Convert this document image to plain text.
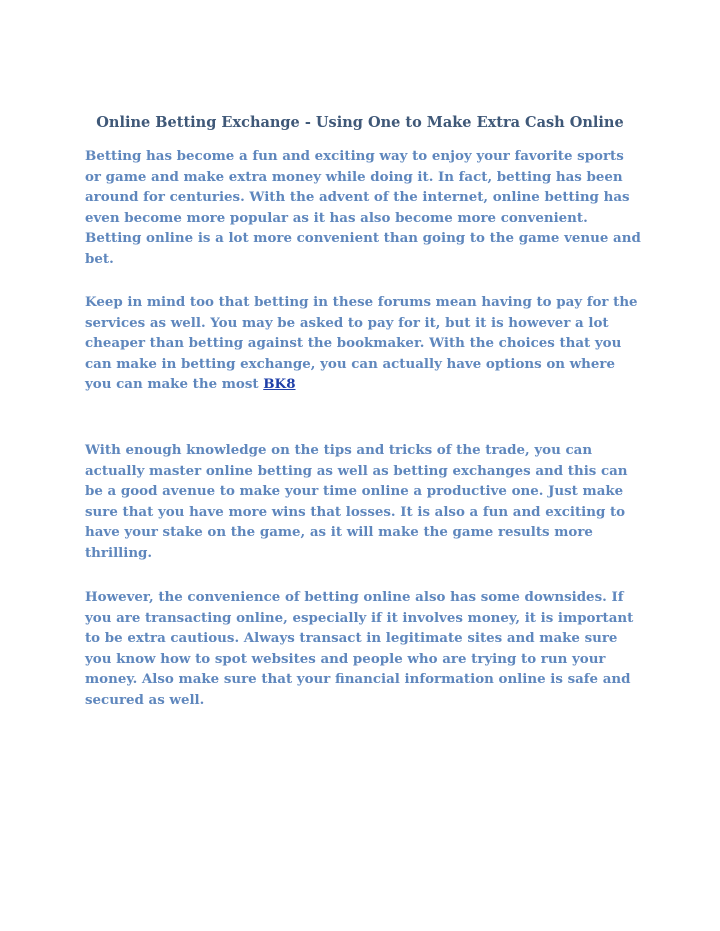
Online Betting Exchange - Using One to Make Extra Cash Online

Betting has become a fun and exciting way to enjoy your favorite sports or game and make extra money while doing it. In fact, betting has been around for centuries. With the advent of the internet, online betting has even become more popular as it has also become more convenient. Betting online is a lot more convenient than going to the game venue and bet.

Keep in mind too that betting in these forums mean having to pay for the services as well. You may be asked to pay for it, but it is however a lot cheaper than betting against the bookmaker. With the choices that you can make in betting exchange, you can actually have options on where you can make the most BK8

With enough knowledge on the tips and tricks of the trade, you can actually master online betting as well as betting exchanges and this can be a good avenue to make your time online a productive one. Just make sure that you have more wins that losses. It is also a fun and exciting to have your stake on the game, as it will make the game results more thrilling.

However, the convenience of betting online also has some downsides. If you are transacting online, especially if it involves money, it is important to be extra cautious. Always transact in legitimate sites and make sure you know how to spot websites and people who are trying to run your money. Also make sure that your financial information online is safe and secured as well.
